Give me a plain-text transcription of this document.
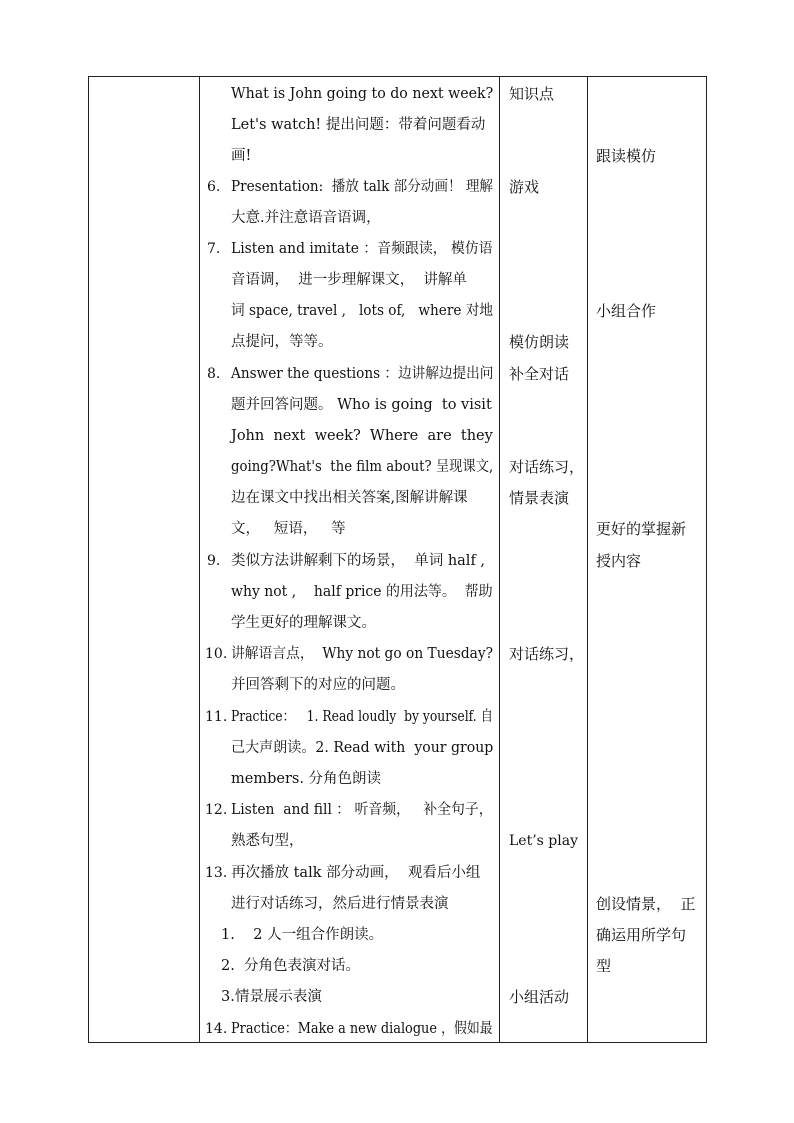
What is John going to do next week?
Let's watch! 提出问题：带着问题看动
画!
6. Presentation:  播放 talk 部分动画！ 理解
大意.并注意语音语调，
7. Listen and imitate ：音频跟读， 模仿语
音语调，  进一步理解课文，  讲解单
词 space, travel ,   lots of,   where 对地
点提问，等等。
8. Answer the questions ：边讲解边提出问
题并回答问题。 Who is going  to visit
John  next  week?  Where  are  they
going?What's  the film about? 呈现课文,
边在课文中找出相关答案,图解讲解课
文，   短语，   等
9. 类似方法讲解剩下的场景，  单词 half ,
why not ,    half price 的用法等。  帮助
学生更好的理解课文。
10. 讲解语言点，  Why not go on Tuesday?
并回答剩下的对应的问题。
11. Practice：   1. Read loudly  by yourself. 自
己大声朗读。2. Read with  your group
members. 分角色朗读
12. Listen  and fill ： 听音频，   补全句子，
熟悉句型，
13. 再次播放 talk 部分动画，  观看后小组
进行对话练习，然后进行情景表演
1.    2 人一组合作朗读。
2.  分角色表演对话。
3.情景展示表演
14. Practice：Make a new dialogue ，假如最
知识点
游戏
模仿朗读
补全对话
对话练习，
情景表演
对话练习，
Let’s play
小组活动
跟读模仿
小组合作
更好的掌握新
授内容
创设情景，  正
确运用所学句
型
